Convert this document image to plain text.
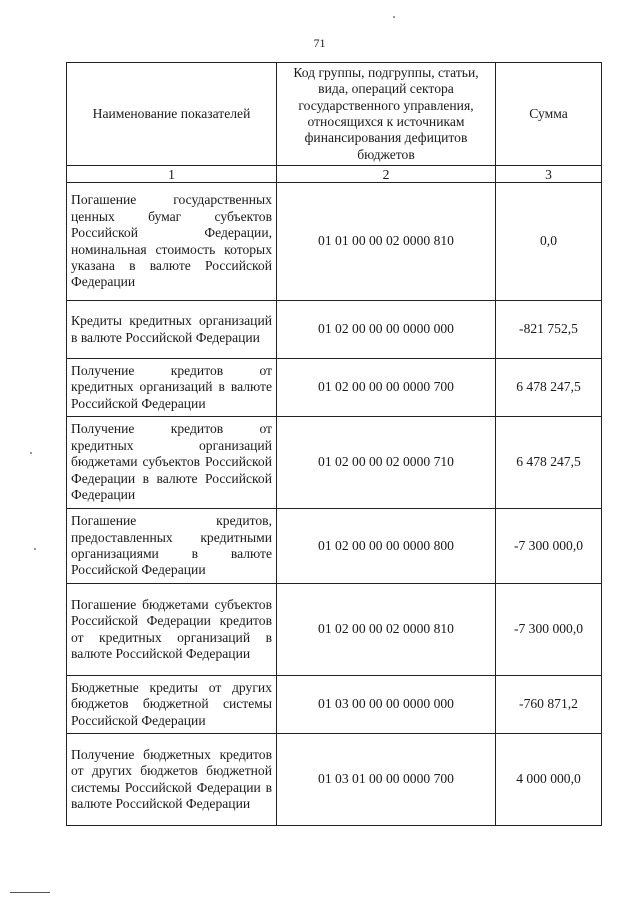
71
Наименование показателей	Код группы, подгруппы, статьи, вида, операций сектора государственного управления, относящихся к источникам финансирования дефицитов бюджетов	Сумма
1	2	3
Погашение государственных ценных бумаг субъектов Российской Федерации, номинальная стоимость которых указана в валюте Российской Федерации	01 01 00 00 02 0000 810	0,0
Кредиты кредитных организаций в валюте Российской Федерации	01 02 00 00 00 0000 000	-821 752,5
Получение кредитов от кредитных организаций в валюте Российской Федерации	01 02 00 00 00 0000 700	6 478 247,5
Получение кредитов от кредитных организаций бюджетами субъектов Российской Федерации в валюте Российской Федерации	01 02 00 00 02 0000 710	6 478 247,5
Погашение кредитов, предоставленных кредитными организациями в валюте Российской Федерации	01 02 00 00 00 0000 800	-7 300 000,0
Погашение бюджетами субъектов Российской Федерации кредитов от кредитных организаций в валюте Российской Федерации	01 02 00 00 02 0000 810	-7 300 000,0
Бюджетные кредиты от других бюджетов бюджетной системы Российской Федерации	01 03 00 00 00 0000 000	-760 871,2
Получение бюджетных кредитов от других бюджетов бюджетной системы Российской Федерации в валюте Российской Федерации	01 03 01 00 00 0000 700	4 000 000,0
